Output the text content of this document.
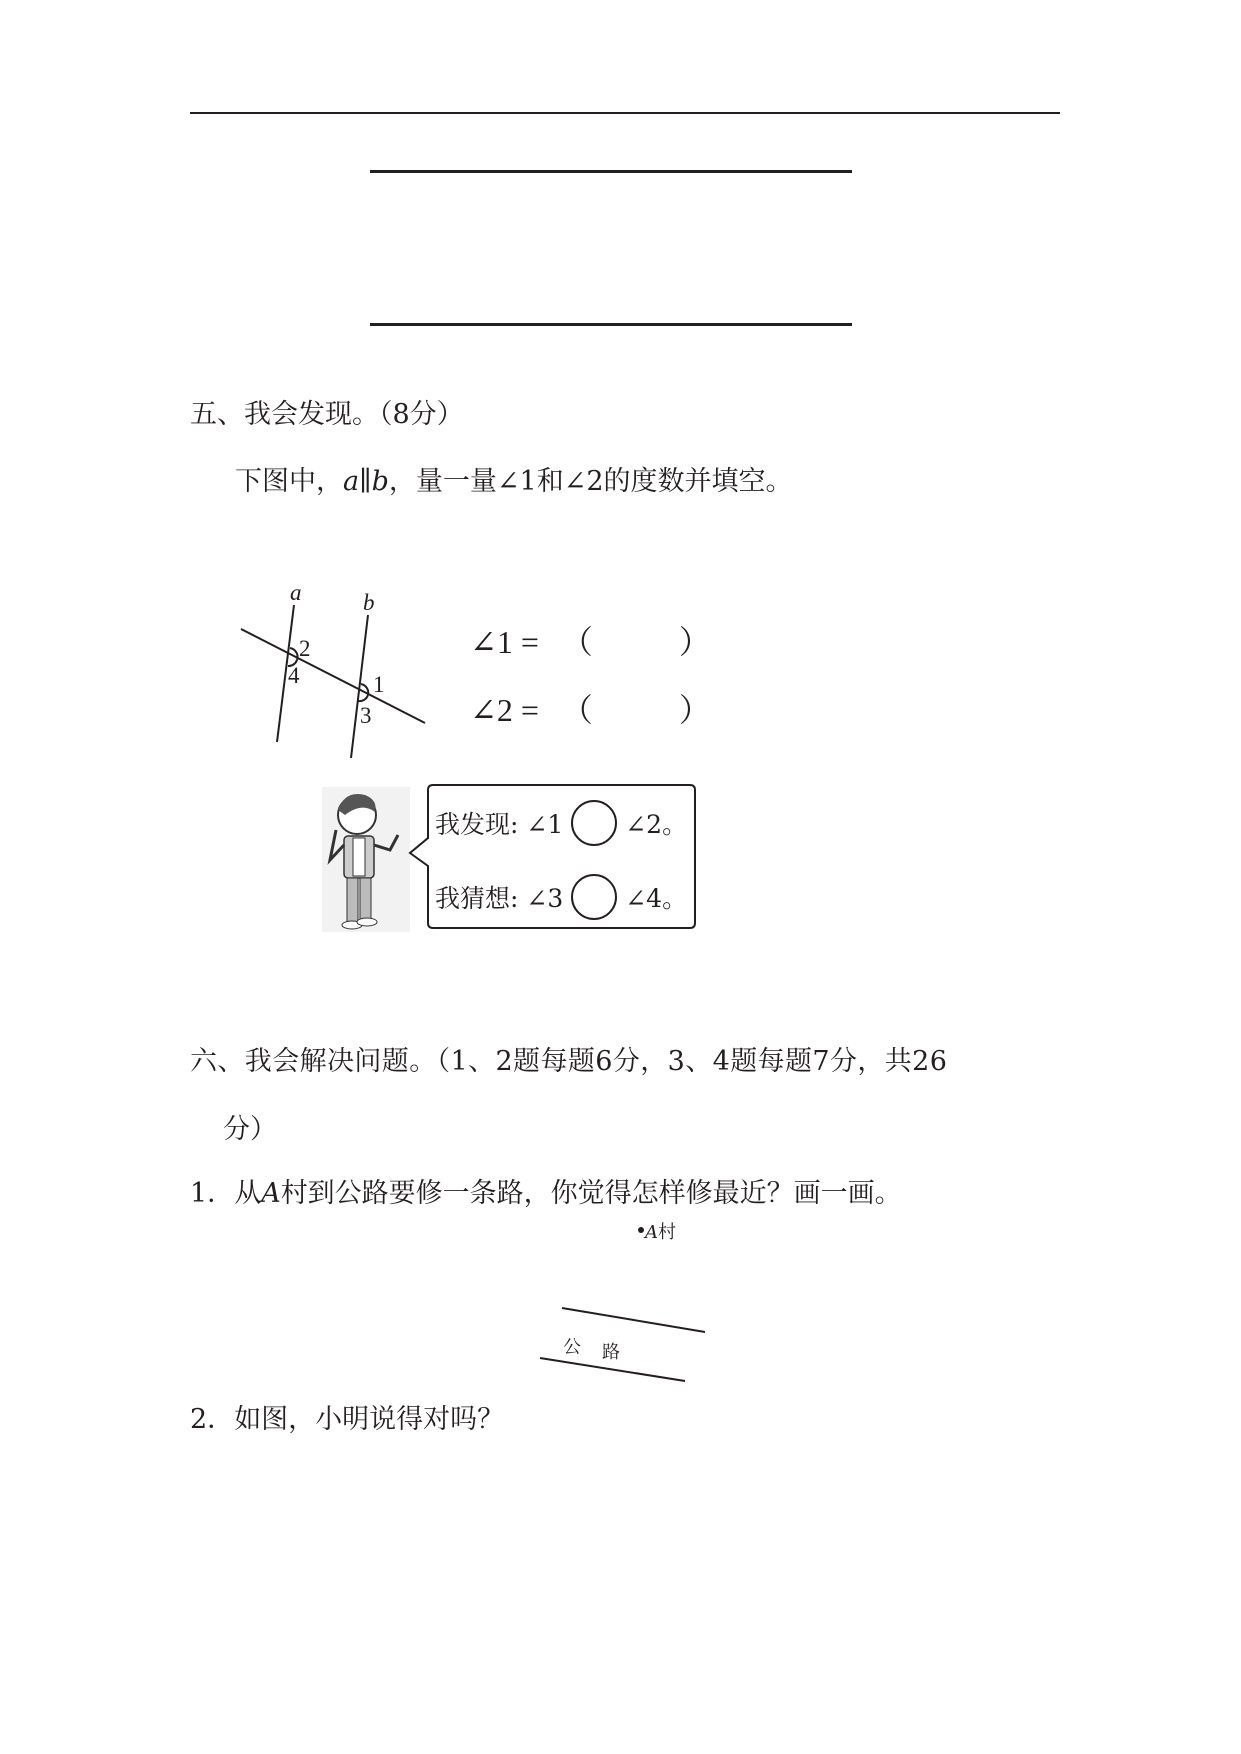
五、我会发现。（8分）
下图中，a∥b，量一量∠1和∠2的度数并填空。
a	b
2
4	1
3
∠1 = （	）
∠2 = （	）
我发现: ∠1 ∠2。
我猜想: ∠3 ∠4。
六、我会解决问题。（1、2题每题6分，3、4题每题7分，共26
分）
1．从A村到公路要修一条路，你觉得怎样修最近？画一画。
A村
公 路
2．如图，小明说得对吗？
